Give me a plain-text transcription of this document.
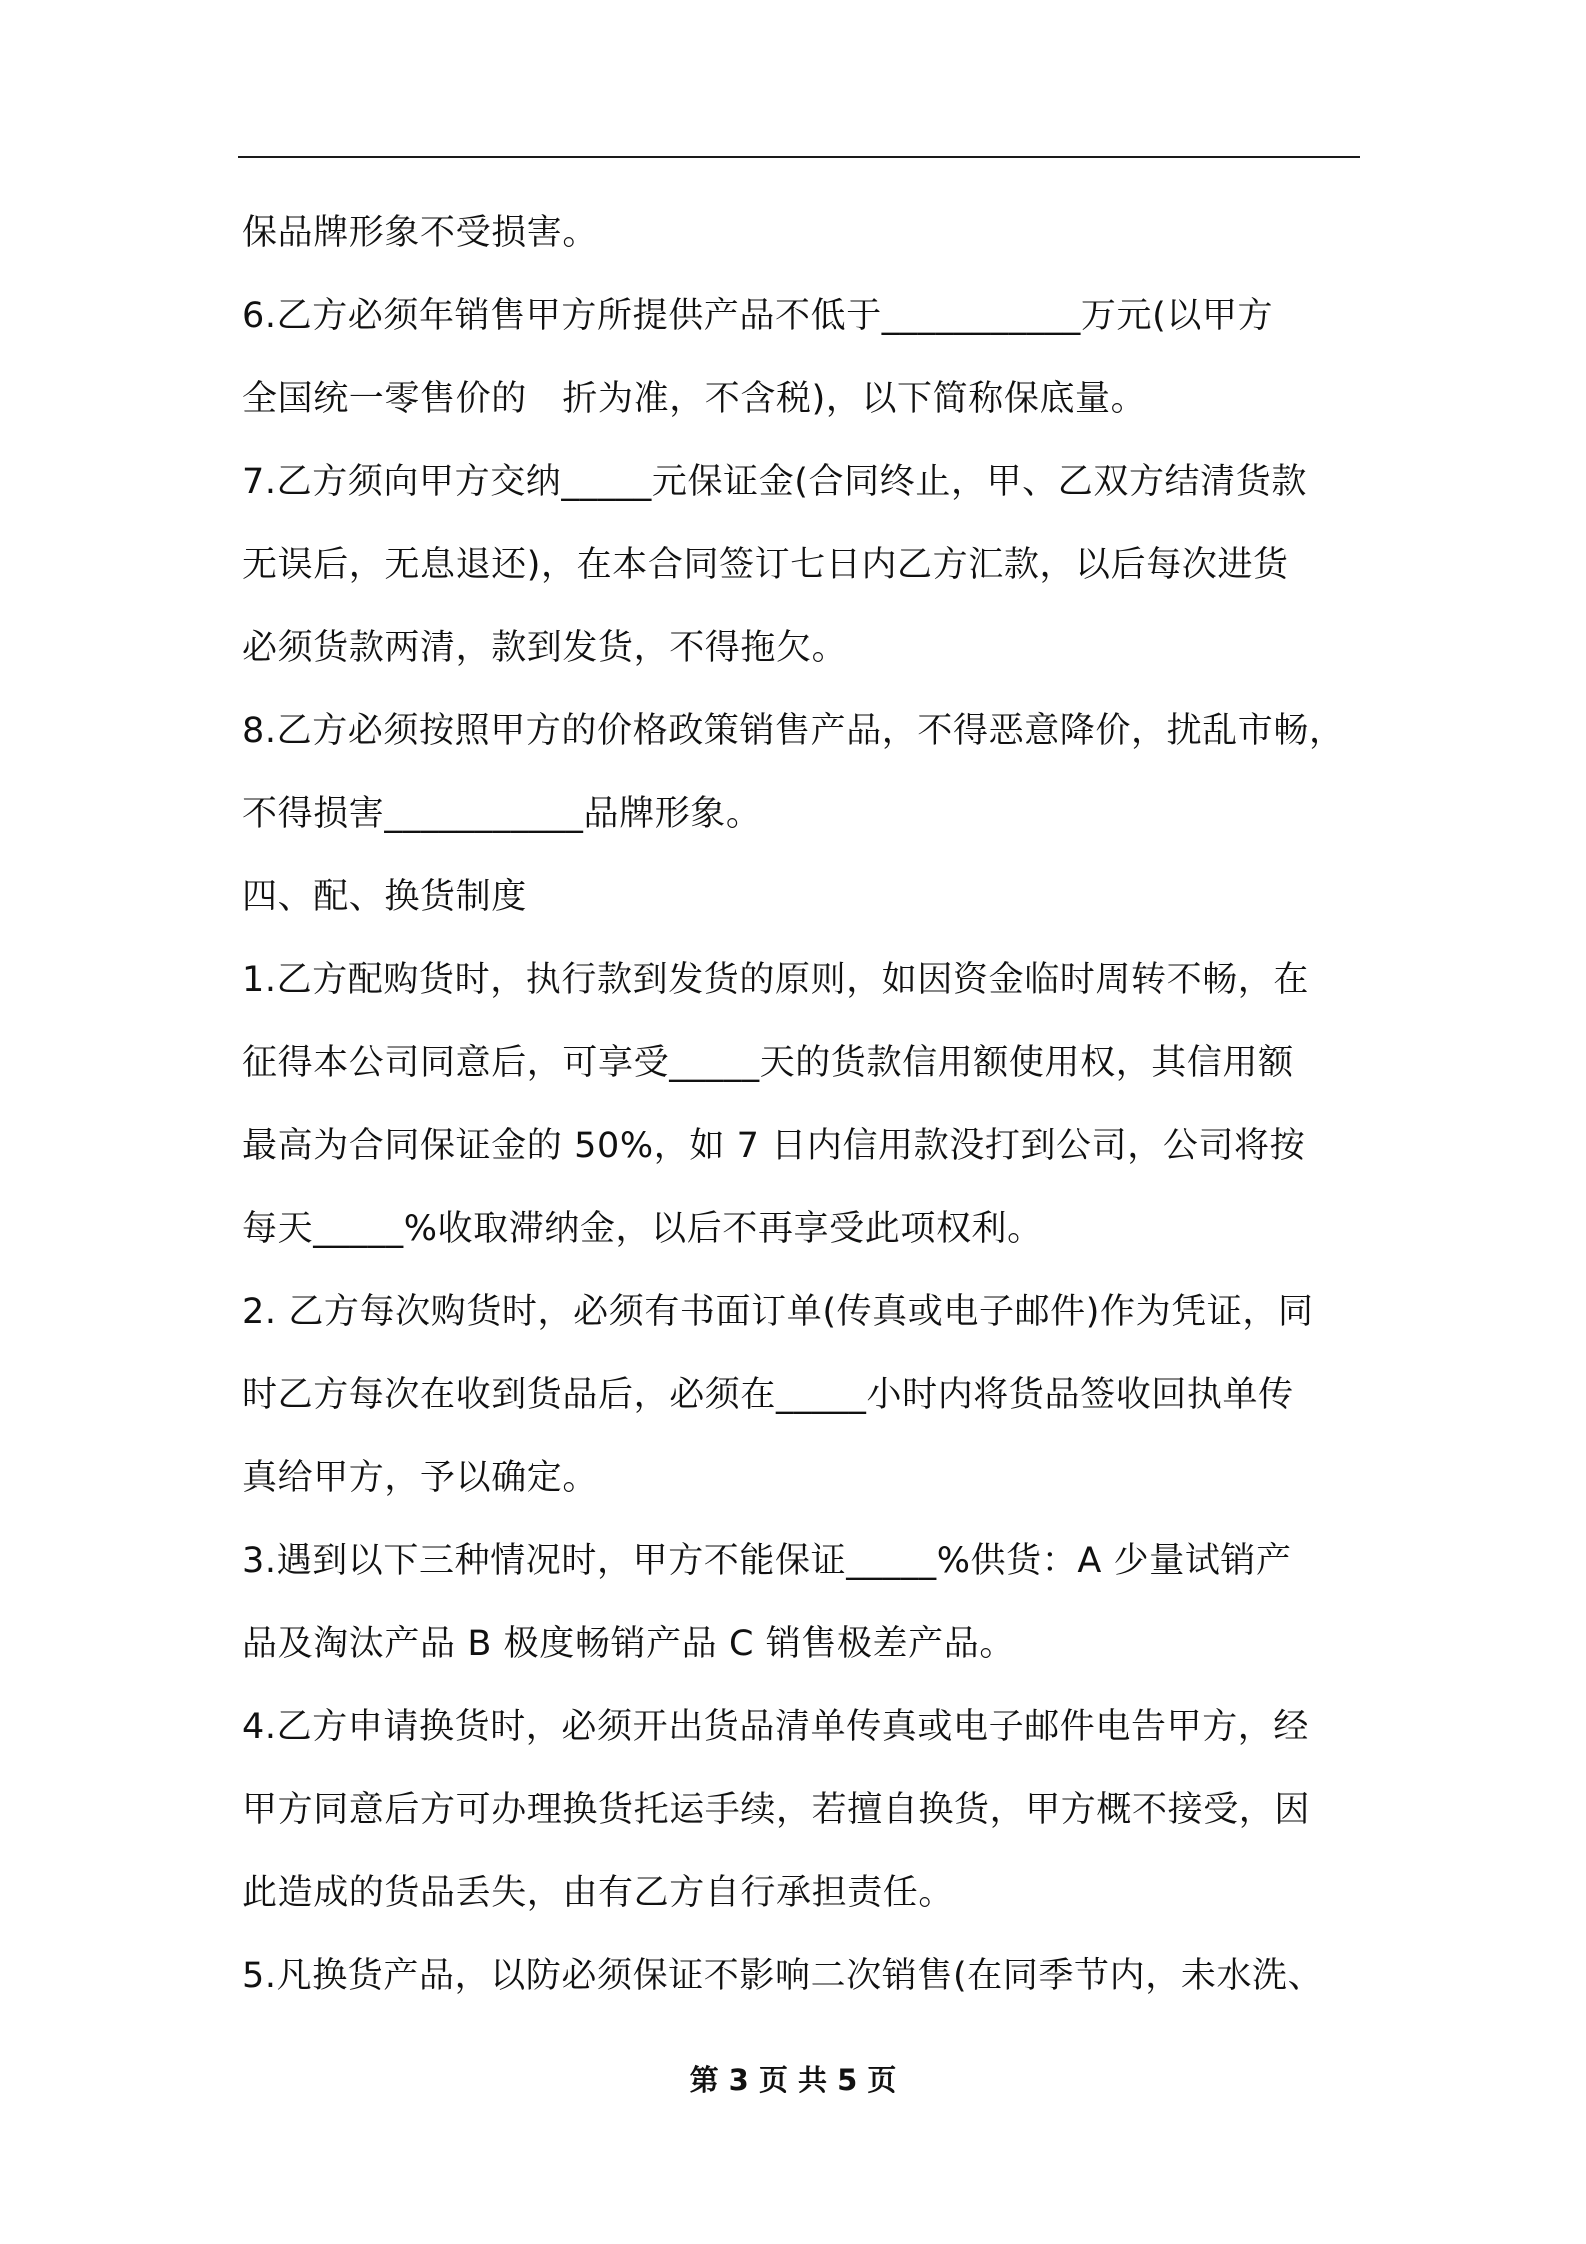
保品牌形象不受损害。
6.乙方必须年销售甲方所提供产品不低于___________万元(以甲方
全国统一零售价的　折为准，不含税)，以下简称保底量。
7.乙方须向甲方交纳_____元保证金(合同终止，甲、乙双方结清货款
无误后，无息退还)，在本合同签订七日内乙方汇款，以后每次进货
必须货款两清，款到发货，不得拖欠。
8.乙方必须按照甲方的价格政策销售产品，不得恶意降价，扰乱市畅，
不得损害___________品牌形象。
四、配、换货制度
1.乙方配购货时，执行款到发货的原则，如因资金临时周转不畅，在
征得本公司同意后，可享受_____天的货款信用额使用权，其信用额
最高为合同保证金的 50%，如 7 日内信用款没打到公司，公司将按
每天_____%收取滞纳金，以后不再享受此项权利。
2. 乙方每次购货时，必须有书面订单(传真或电子邮件)作为凭证，同
时乙方每次在收到货品后，必须在_____小时内将货品签收回执单传
真给甲方，予以确定。
3.遇到以下三种情况时，甲方不能保证_____%供货：A 少量试销产
品及淘汰产品 B 极度畅销产品 C 销售极差产品。
4.乙方申请换货时，必须开出货品清单传真或电子邮件电告甲方，经
甲方同意后方可办理换货托运手续，若擅自换货，甲方概不接受，因
此造成的货品丢失，由有乙方自行承担责任。
5.凡换货产品，以防必须保证不影响二次销售(在同季节内，未水洗、
第 3 页 共 5 页
